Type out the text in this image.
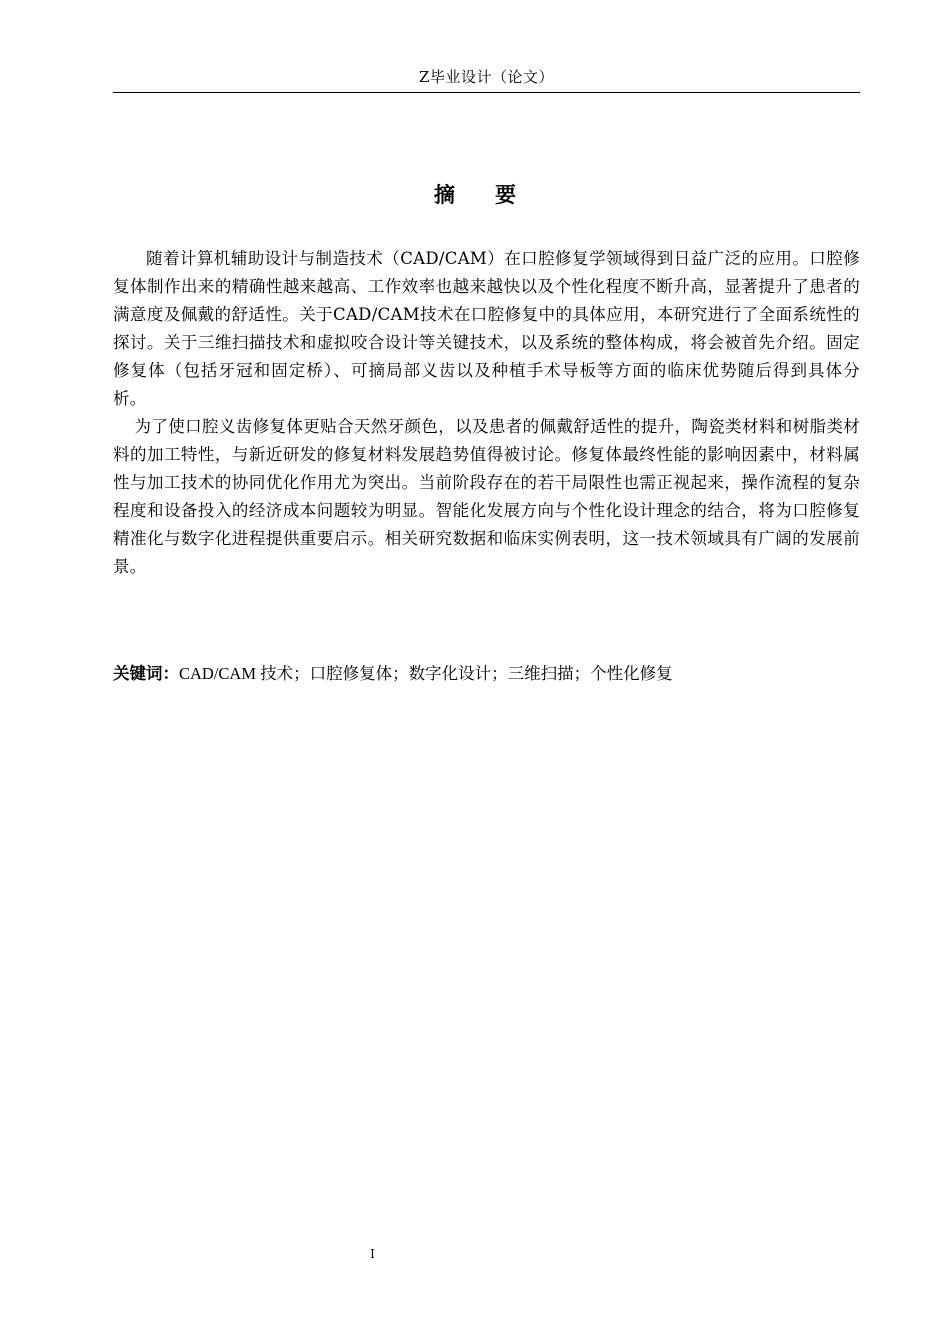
Z毕业设计（论文）
摘要

随着计算机辅助设计与制造技术（CAD/CAM）在口腔修复学领域得到日益广泛的应用。口腔修复体制作出来的精确性越来越高、工作效率也越来越快以及个性化程度不断升高，显著提升了患者的满意度及佩戴的舒适性。关于CAD/CAM技术在口腔修复中的具体应用，本研究进行了全面系统性的探讨。关于三维扫描技术和虚拟咬合设计等关键技术，以及系统的整体构成，将会被首先介绍。固定修复体（包括牙冠和固定桥）、可摘局部义齿以及种植手术导板等方面的临床优势随后得到具体分析。

为了使口腔义齿修复体更贴合天然牙颜色，以及患者的佩戴舒适性的提升，陶瓷类材料和树脂类材料的加工特性，与新近研发的修复材料发展趋势值得被讨论。修复体最终性能的影响因素中，材料属性与加工技术的协同优化作用尤为突出。当前阶段存在的若干局限性也需正视起来，操作流程的复杂程度和设备投入的经济成本问题较为明显。智能化发展方向与个性化设计理念的结合，将为口腔修复精准化与数字化进程提供重要启示。相关研究数据和临床实例表明，这一技术领域具有广阔的发展前景。

关键词：CAD/CAM 技术；口腔修复体；数字化设计；三维扫描；个性化修复
I
